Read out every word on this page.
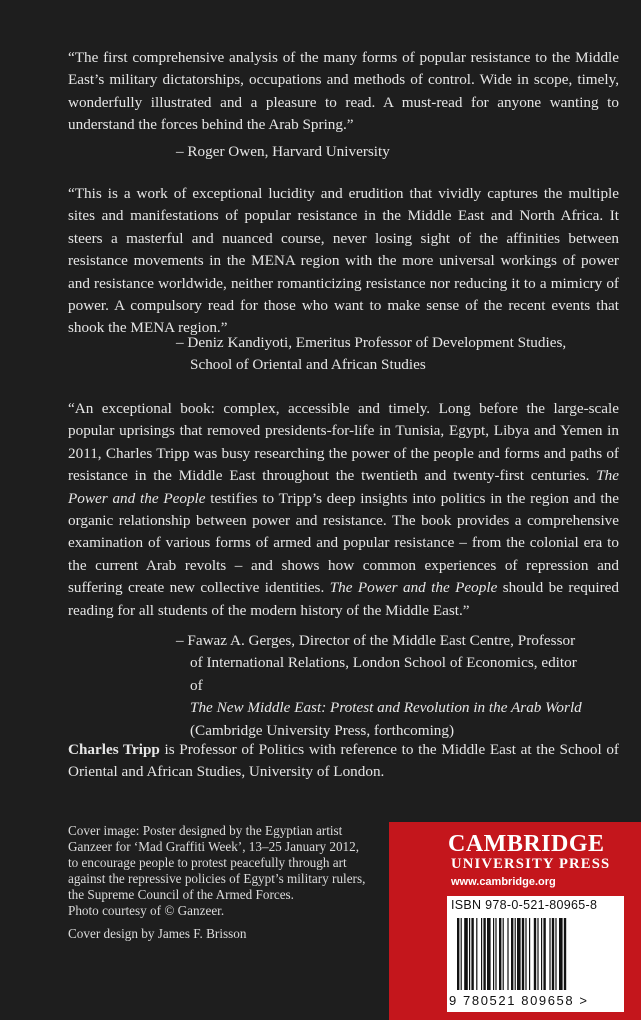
“The first comprehensive analysis of the many forms of popular resistance to the Middle East’s military dictatorships, occupations and methods of control. Wide in scope, timely, wonderfully illustrated and a pleasure to read. A must-read for anyone wanting to understand the forces behind the Arab Spring.”

– Roger Owen, Harvard University

“This is a work of exceptional lucidity and erudition that vividly captures the multiple sites and manifestations of popular resistance in the Middle East and North Africa. It steers a masterful and nuanced course, never losing sight of the affinities between resistance movements in the MENA region with the more universal workings of power and resistance worldwide, neither romanticizing resistance nor reducing it to a mimicry of power. A compulsory read for those who want to make sense of the recent events that shook the MENA region.”

– Deniz Kandiyoti, Emeritus Professor of Development Studies,
School of Oriental and African Studies

“An exceptional book: complex, accessible and timely. Long before the large-scale popular uprisings that removed presidents-for-life in Tunisia, Egypt, Libya and Yemen in 2011, Charles Tripp was busy researching the power of the people and forms and paths of resistance in the Middle East throughout the twentieth and twenty-first centuries. The Power and the People testifies to Tripp’s deep insights into politics in the region and the organic relationship between power and resistance. The book provides a comprehensive examination of various forms of armed and popular resistance – from the colonial era to the current Arab revolts – and shows how common experiences of repression and suffering create new collective identities. The Power and the People should be required reading for all students of the modern history of the Middle East.”

– Fawaz A. Gerges, Director of the Middle East Centre, Professor
of International Relations, London School of Economics, editor
of
The New Middle East: Protest and Revolution in the Arab World
(Cambridge University Press, forthcoming)

Charles Tripp is Professor of Politics with reference to the Middle East at the School of Oriental and African Studies, University of London.

Cover image: Poster designed by the Egyptian artist Ganzeer for ‘Mad Graffiti Week’, 13–25 January 2012, to encourage people to protest peacefully through art against the repressive policies of Egypt’s military rulers, the Supreme Council of the Armed Forces.

Photo courtesy of © Ganzeer.

Cover design by James F. Brisson

CAMBRIDGE

UNIVERSITY PRESS

www.cambridge.org

ISBN 978-0-521-80965-8

9 780521 809658 >
